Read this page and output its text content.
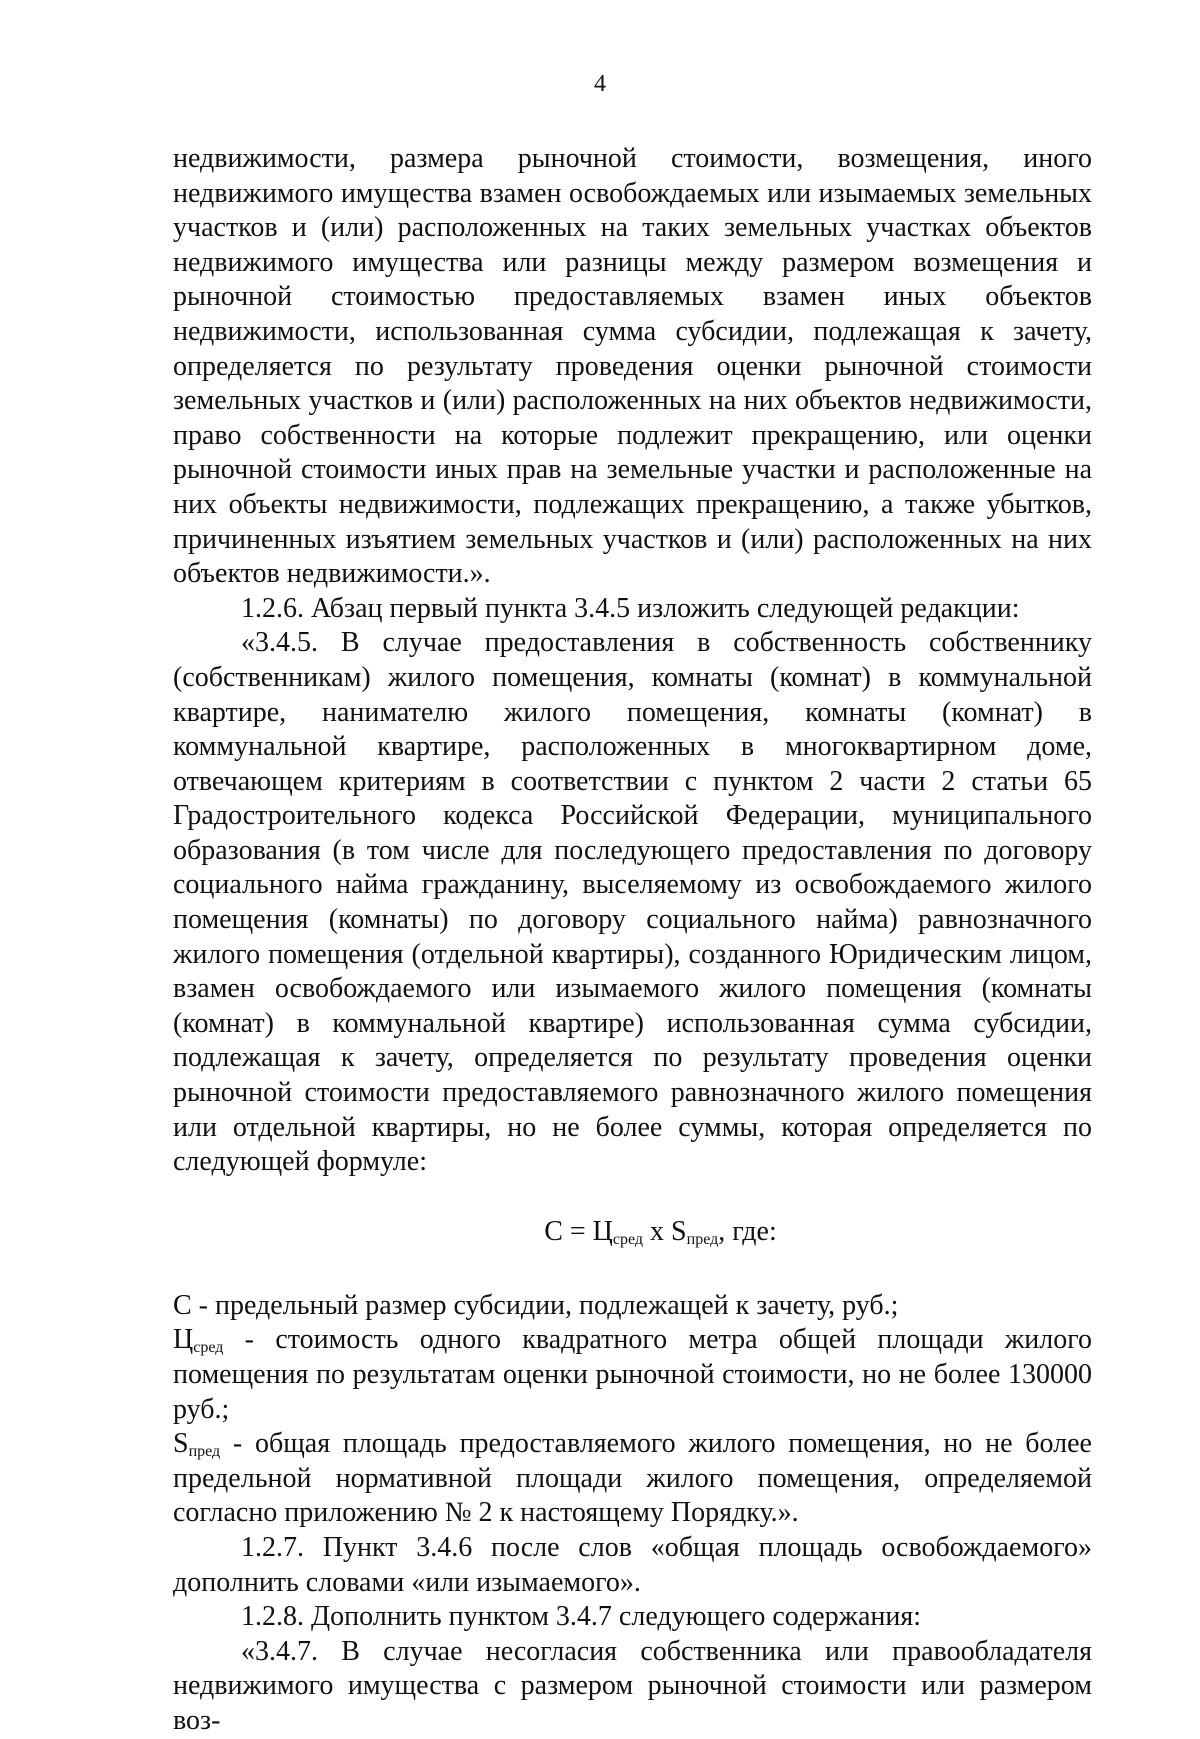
4

недвижимости, размера рыночной стоимости, возмещения, иного недвижимого имущества взамен освобождаемых или изымаемых земельных участков и (или) расположенных на таких земельных участках объектов недвижимого имущества или разницы между размером возмещения и рыночной стоимостью предоставляемых взамен иных объектов недвижимости, использованная сумма субсидии, подлежащая к зачету, определяется по результату проведения оценки рыночной стоимости земельных участков и (или) расположенных на них объектов недвижимости, право собственности на которые подлежит прекращению, или оценки рыночной стоимости иных прав на земельные участки и расположенные на них объекты недвижимости, подлежащих прекращению, а также убытков, причиненных изъятием земельных участков и (или) расположенных на них объектов недвижимости.».

1.2.6. Абзац первый пункта 3.4.5 изложить следующей редакции:

«3.4.5. В случае предоставления в собственность собственнику (собственникам) жилого помещения, комнаты (комнат) в коммунальной квартире, нанимателю жилого помещения, комнаты (комнат) в коммунальной квартире, расположенных в многоквартирном доме, отвечающем критериям в соответствии с пунктом 2 части 2 статьи 65 Градостроительного кодекса Российской Федерации, муниципального образования (в том числе для последующего предоставления по договору социального найма гражданину, выселяемому из освобождаемого жилого помещения (комнаты) по договору социального найма) равнозначного жилого помещения (отдельной квартиры), созданного Юридическим лицом, взамен освобождаемого или изымаемого жилого помещения (комнаты (комнат) в коммунальной квартире) использованная сумма субсидии, подлежащая к зачету, определяется по результату проведения оценки рыночной стоимости предоставляемого равнозначного жилого помещения или отдельной квартиры, но не более суммы, которая определяется по следующей формуле:

$С = Ц_{сред}$ х $S_{пред}$, где:

С - предельный размер субсидии, подлежащей к зачету, руб.;

$Ц_{сред}$ - стоимость одного квадратного метра общей площади жилого помещения по результатам оценки рыночной стоимости, но не более 130000 руб.;

$S_{пред}$ - общая площадь предоставляемого жилого помещения, но не более предельной нормативной площади жилого помещения, определяемой согласно приложению № 2 к настоящему Порядку.».

1.2.7. Пункт 3.4.6 после слов «общая площадь освобождаемого» дополнить словами «или изымаемого».

1.2.8. Дополнить пунктом 3.4.7 следующего содержания:

«3.4.7. В случае несогласия собственника или правообладателя недвижимого имущества с размером рыночной стоимости или размером воз-
